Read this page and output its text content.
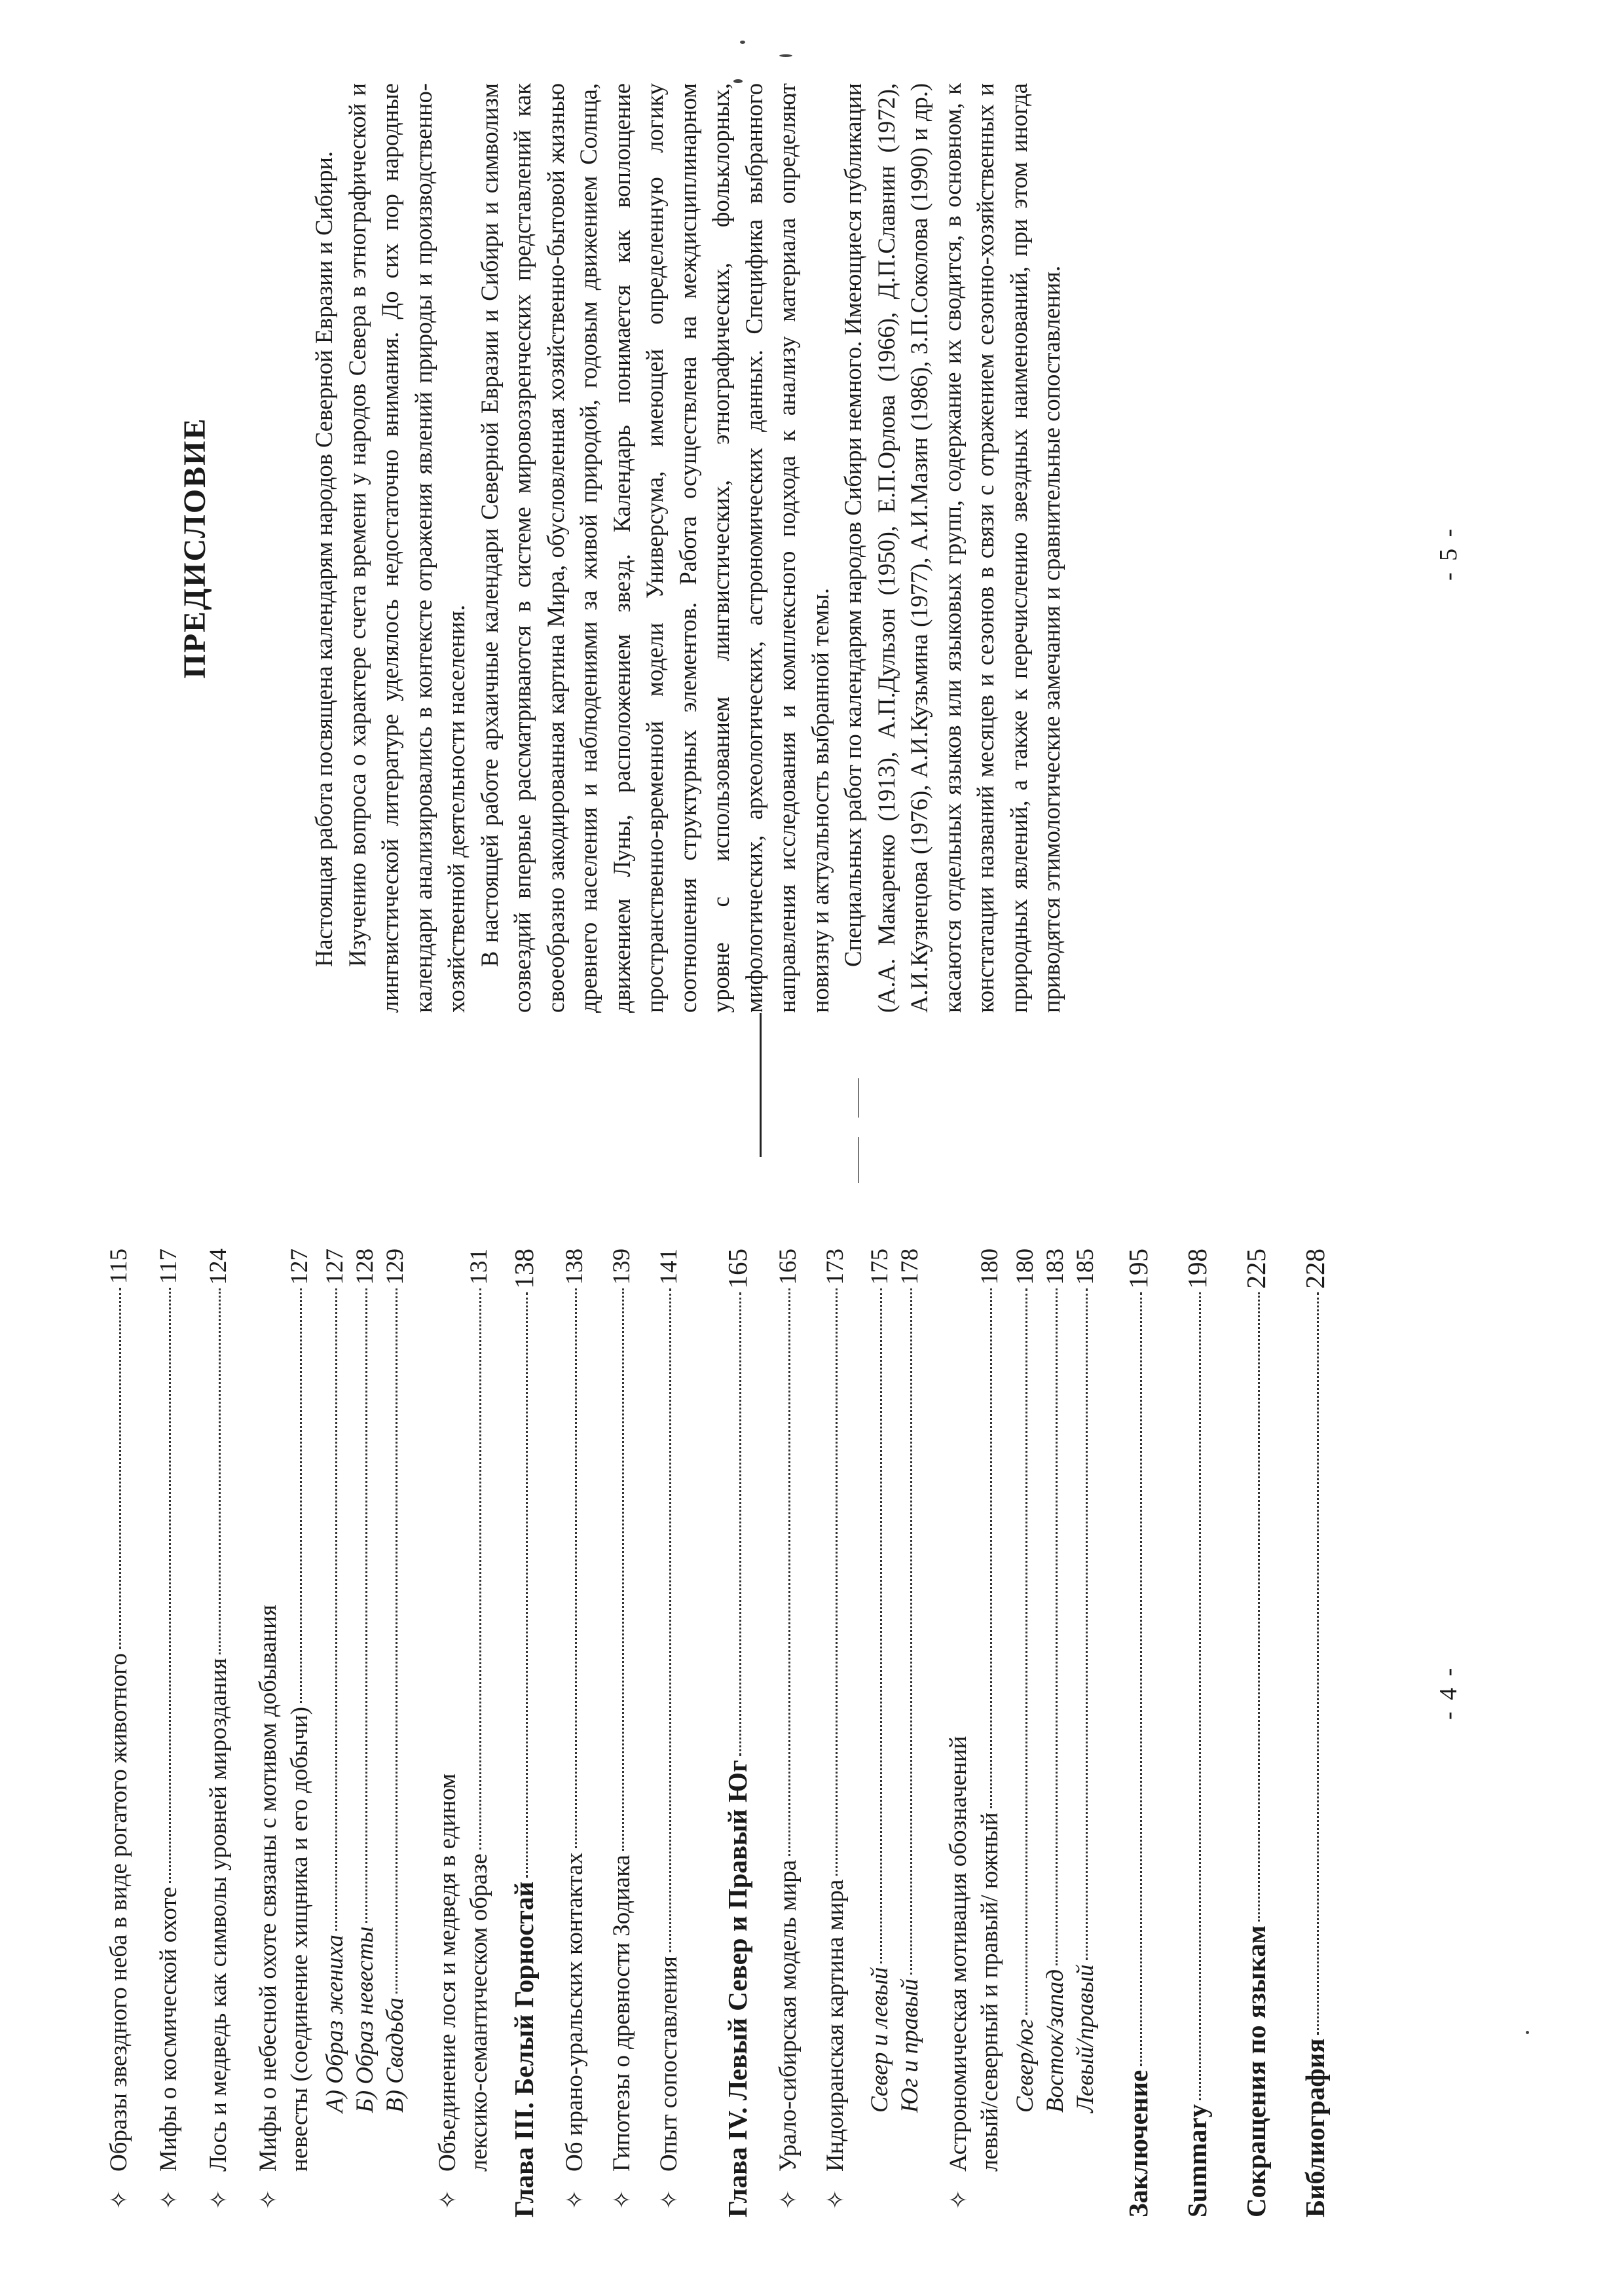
✧
Образы звездного неба в виде рогатого животного
115
✧
Мифы о космической охоте
117
✧
Лось и медведь как символы уровней мироздания
124
✧
Мифы о небесной охоте связаны с мотивом добывания невесты (соединение хищника и его добычи)
127
А) Образ жениха
127
Б) Образ невесты
128
В) Свадьба
129
✧
Объединение лося и медведя в едином лексико-семантическом образе
131
Глава III. Белый Горностай
138
✧
Об ирано-уральских контактах
138
✧
Гипотезы о древности Зодиака
139
✧
Опыт сопоставления
141
Глава IV. Левый Север и Правый Юг
165
✧
Урало-сибирская модель мира
165
✧
Индоиранская картина мира
173
Север и левый
175
Юг и правый
178
✧
Астрономическая мотивация обозначений левый/северный и правый/ южный
180
Север/юг
180
Восток/запад
183
Левый/правый
185
Заключение
195
Summary
198
Сокращения по языкам
225
Библиография
228
- 4 -
ПРЕДИСЛОВИЕ	Настоящая работа посвящена календарям народов Северной Евразии и Сибири. Изучению вопроса о характере счета времени у народов Севера в этнографической и лингвистической литературе уделялось недостаточно внимания. До сих пор народные календари анализировались в контексте отражения явлений природы и производственно-хозяйственной деятельности населения. В настоящей работе архаичные календари Северной Евразии и Сибири и символизм созвездий впервые рассматриваются в системе мировоззренческих представлений как своеобразно закодированная картина Мира, обусловленная хозяйственно-бытовой жизнью древнего населения и наблюдениями за живой природой, годовым движением Солнца, движением Луны, расположением звезд. Календарь понимается как воплощение пространственно-временной модели Универсума, имеющей определенную логику соотношения структурных элементов. Работа осуществлена на междисциплинарном уровне с использованием лингвистических, этнографических, фольклорных, мифологических, археологических, астрономических данных. Специфика выбранного направления исследования и комплексного подхода к анализу материала определяют новизну и актуальность выбранной темы. Специальных работ по календарям народов Сибири немного. Имеющиеся публикации (А.А. Макаренко (1913), А.П.Дульзон (1950), Е.П.Орлова (1966), Д.П.Славнин (1972), А.И.Кузнецова (1976), А.И.Кузьмина (1977), А.И.Мазин (1986), З.П.Соколова (1990) и др.) касаются отдельных языков или языковых групп, содержание их сводится, в основном, к констатации названий месяцев и сезонов в связи с отражением сезонно-хозяйственных и природных явлений, а также к перечислению звездных наименований, при этом иногда приводятся этимологические замечания и сравнительные сопоставления.	- 5 -
